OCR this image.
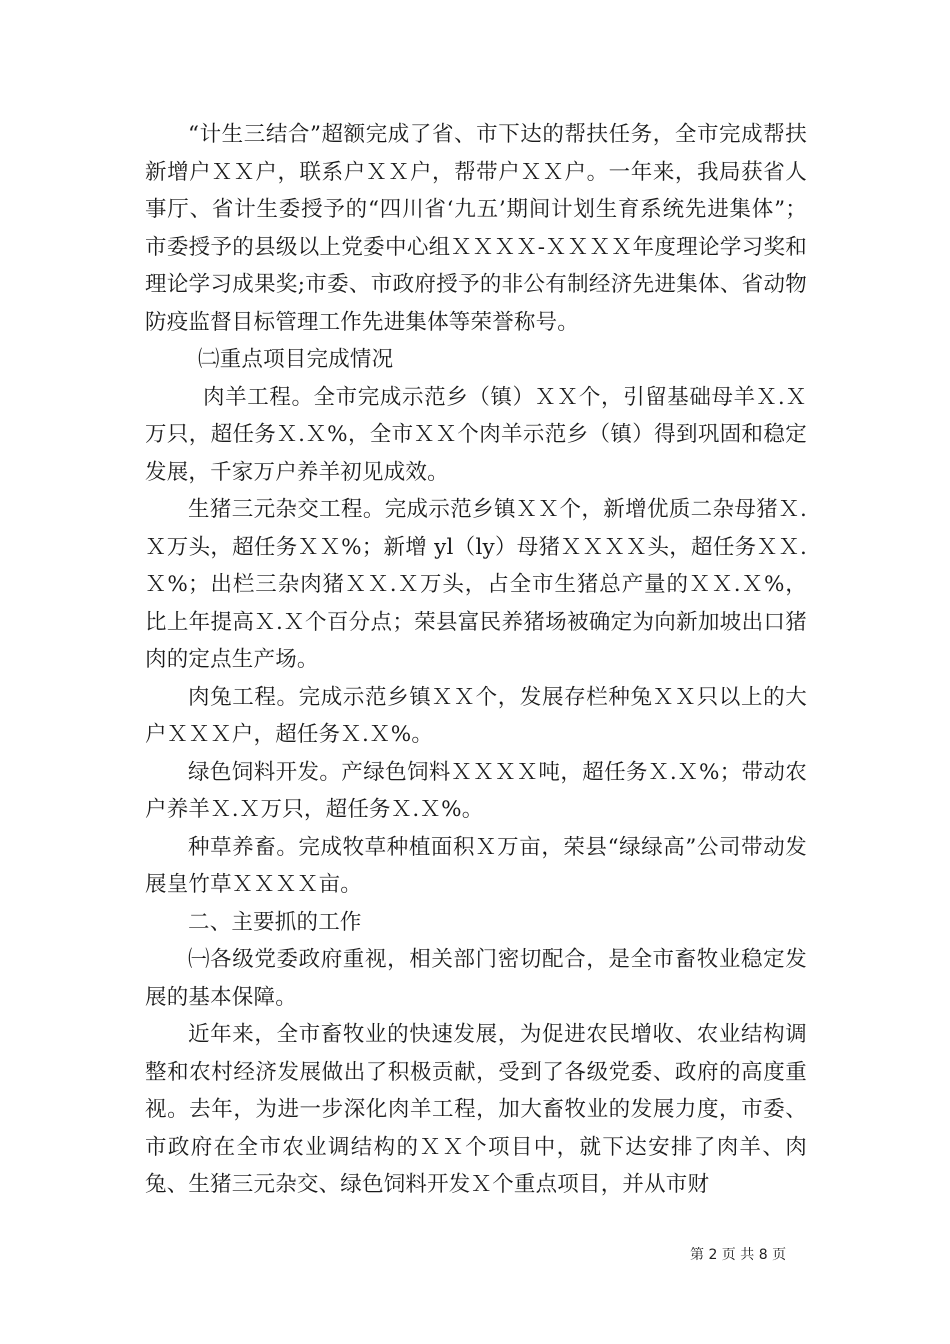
“计生三结合”超额完成了省、市下达的帮扶任务，全市完成帮扶新增户ＸＸ户，联系户ＸＸ户，帮带户ＸＸ户。一年来，我局获省人事厅、省计生委授予的“四川省‘九五’期间计划生育系统先进集体”；市委授予的县级以上党委中心组ＸＸＸＸ-ＸＸＸＸ年度理论学习奖和理论学习成果奖;市委、市政府授予的非公有制经济先进集体、省动物防疫监督目标管理工作先进集体等荣誉称号。

㈡重点项目完成情况

肉羊工程。全市完成示范乡（镇）ＸＸ个，引留基础母羊Ｘ.Ｘ万只，超任务Ｘ.Ｘ%，全市ＸＸ个肉羊示范乡（镇）得到巩固和稳定发展，千家万户养羊初见成效。

生猪三元杂交工程。完成示范乡镇ＸＸ个，新增优质二杂母猪Ｘ.Ｘ万头，超任务ＸＸ%；新增 yl（ly）母猪ＸＸＸＸ头，超任务ＸＸ.Ｘ%；出栏三杂肉猪ＸＸ.Ｘ万头，占全市生猪总产量的ＸＸ.Ｘ%，比上年提高Ｘ.Ｘ个百分点；荣县富民养猪场被确定为向新加坡出口猪肉的定点生产场。

肉兔工程。完成示范乡镇ＸＸ个，发展存栏种兔ＸＸ只以上的大户ＸＸＸ户，超任务Ｘ.Ｘ%。

绿色饲料开发。产绿色饲料ＸＸＸＸ吨，超任务Ｘ.Ｘ%；带动农户养羊Ｘ.Ｘ万只，超任务Ｘ.Ｘ%。

种草养畜。完成牧草种植面积Ｘ万亩，荣县“绿绿高”公司带动发展皇竹草ＸＸＸＸ亩。

二、主要抓的工作

㈠各级党委政府重视，相关部门密切配合，是全市畜牧业稳定发展的基本保障。

近年来，全市畜牧业的快速发展，为促进农民增收、农业结构调整和农村经济发展做出了积极贡献，受到了各级党委、政府的高度重视。去年，为进一步深化肉羊工程，加大畜牧业的发展力度，市委、市政府在全市农业调结构的ＸＸ个项目中，就下达安排了肉羊、肉兔、生猪三元杂交、绿色饲料开发Ｘ个重点项目，并从市财

第 2 页 共 8 页
